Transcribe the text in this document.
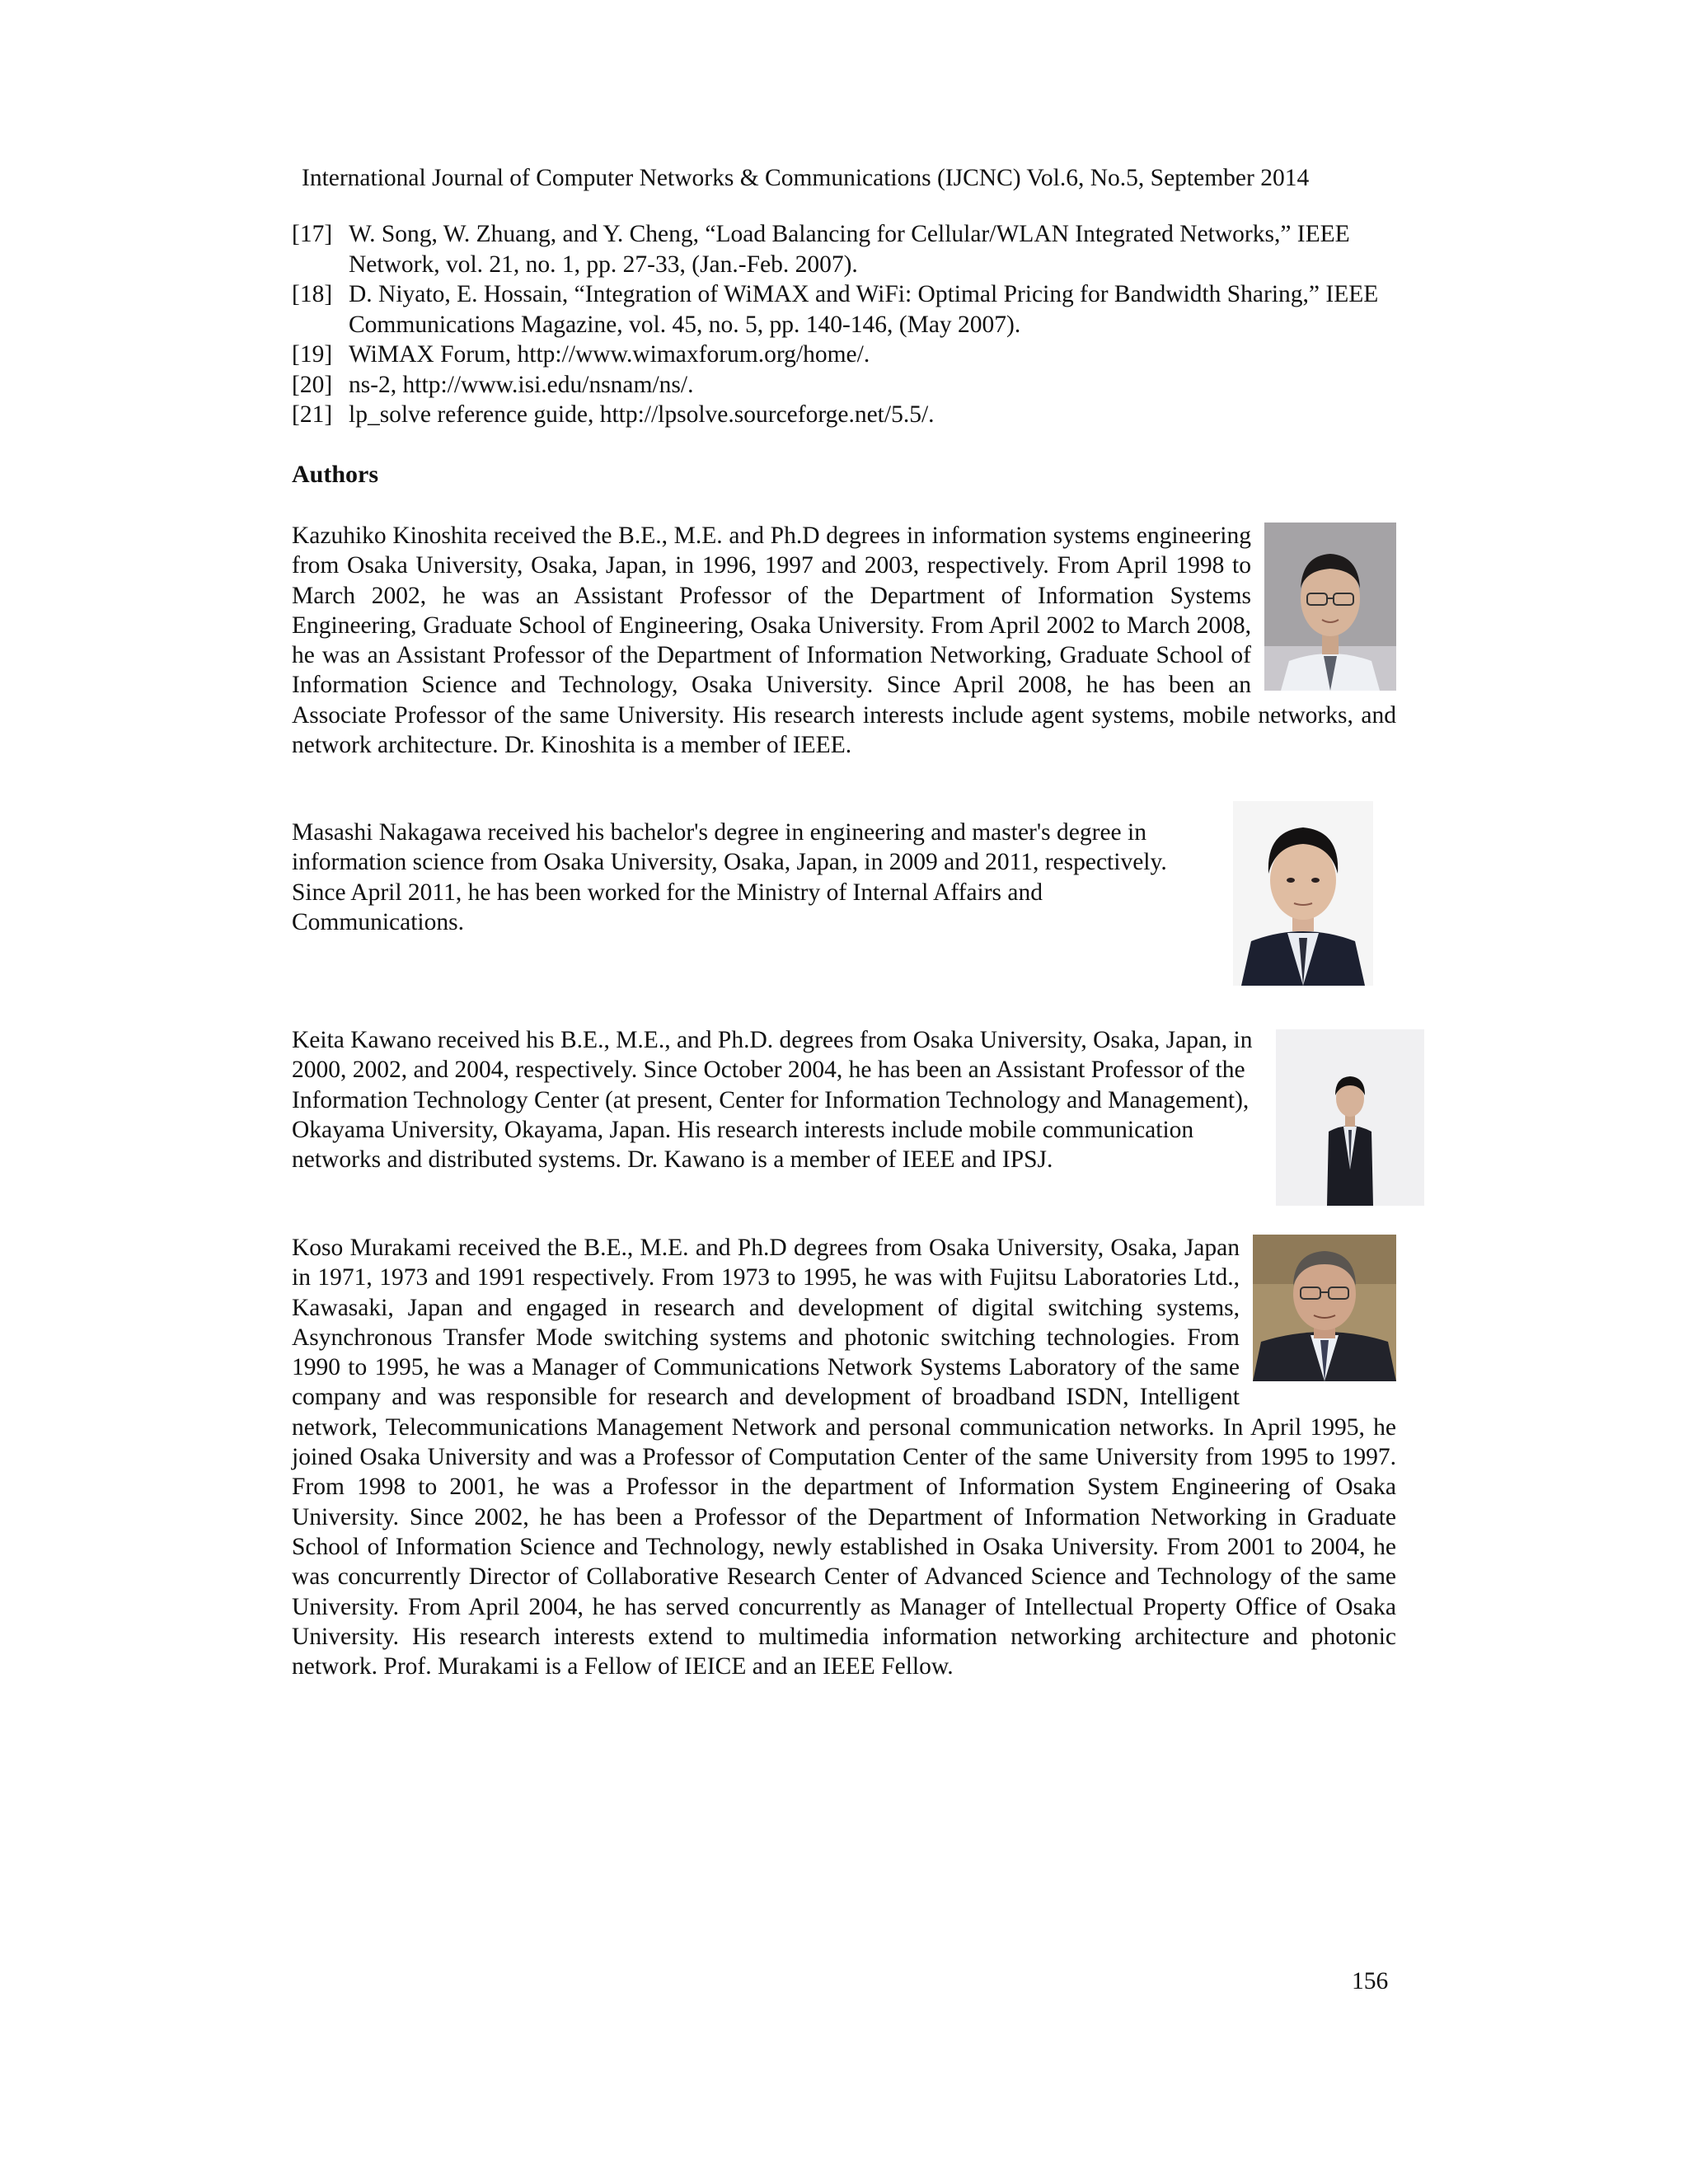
International Journal of Computer Networks & Communications (IJCNC) Vol.6, No.5, September 2014
[17] W. Song, W. Zhuang, and Y. Cheng, “Load Balancing for Cellular/WLAN Integrated Networks,” IEEE Network, vol. 21, no. 1, pp. 27-33, (Jan.-Feb. 2007).
[18] D. Niyato, E. Hossain, “Integration of WiMAX and WiFi: Optimal Pricing for Bandwidth Sharing,” IEEE Communications Magazine, vol. 45, no. 5, pp. 140-146, (May 2007).
[19] WiMAX Forum, http://www.wimaxforum.org/home/.
[20] ns-2, http://www.isi.edu/nsnam/ns/.
[21] lp_solve reference guide, http://lpsolve.sourceforge.net/5.5/.
Authors

Kazuhiko Kinoshita received the B.E., M.E. and Ph.D degrees in information systems engineering from Osaka University, Osaka, Japan, in 1996, 1997 and 2003, respectively. From April 1998 to March 2002, he was an Assistant Professor of the Department of Information Systems Engineering, Graduate School of Engineering, Osaka University. From April 2002 to March 2008, he was an Assistant Professor of the Department of Information Networking, Graduate School of Information Science and Technology, Osaka University. Since April 2008, he has been an Associate Professor of the same University. His research interests include agent systems, mobile networks, and network architecture. Dr. Kinoshita is a member of IEEE.

Masashi Nakagawa received his bachelor's degree in engineering and master's degree in information science from Osaka University, Osaka, Japan, in 2009 and 2011, respectively. Since April 2011, he has been worked for the Ministry of Internal Affairs and Communications.

Keita Kawano received his B.E., M.E., and Ph.D. degrees from Osaka University, Osaka, Japan, in 2000, 2002, and 2004, respectively. Since October 2004, he has been an Assistant Professor of the Information Technology Center (at present, Center for Information Technology and Management), Okayama University, Okayama, Japan. His research interests include mobile communication networks and distributed systems. Dr. Kawano is a member of IEEE and IPSJ.

Koso Murakami received the B.E., M.E. and Ph.D degrees from Osaka University, Osaka, Japan in 1971, 1973 and 1991 respectively. From 1973 to 1995, he was with Fujitsu Laboratories Ltd., Kawasaki, Japan and engaged in research and development of digital switching systems, Asynchronous Transfer Mode switching systems and photonic switching technologies. From 1990 to 1995, he was a Manager of Communications Network Systems Laboratory of the same company and was responsible for research and development of broadband ISDN, Intelligent network, Telecommunications Management Network and personal communication networks. In April 1995, he joined Osaka University and was a Professor of Computation Center of the same University from 1995 to 1997. From 1998 to 2001, he was a Professor in the department of Information System Engineering of Osaka University. Since 2002, he has been a Professor of the Department of Information Networking in Graduate School of Information Science and Technology, newly established in Osaka University. From 2001 to 2004, he was concurrently Director of Collaborative Research Center of Advanced Science and Technology of the same University. From April 2004, he has served concurrently as Manager of Intellectual Property Office of Osaka University. His research interests extend to multimedia information networking architecture and photonic network. Prof. Murakami is a Fellow of IEICE and an IEEE Fellow.

156
